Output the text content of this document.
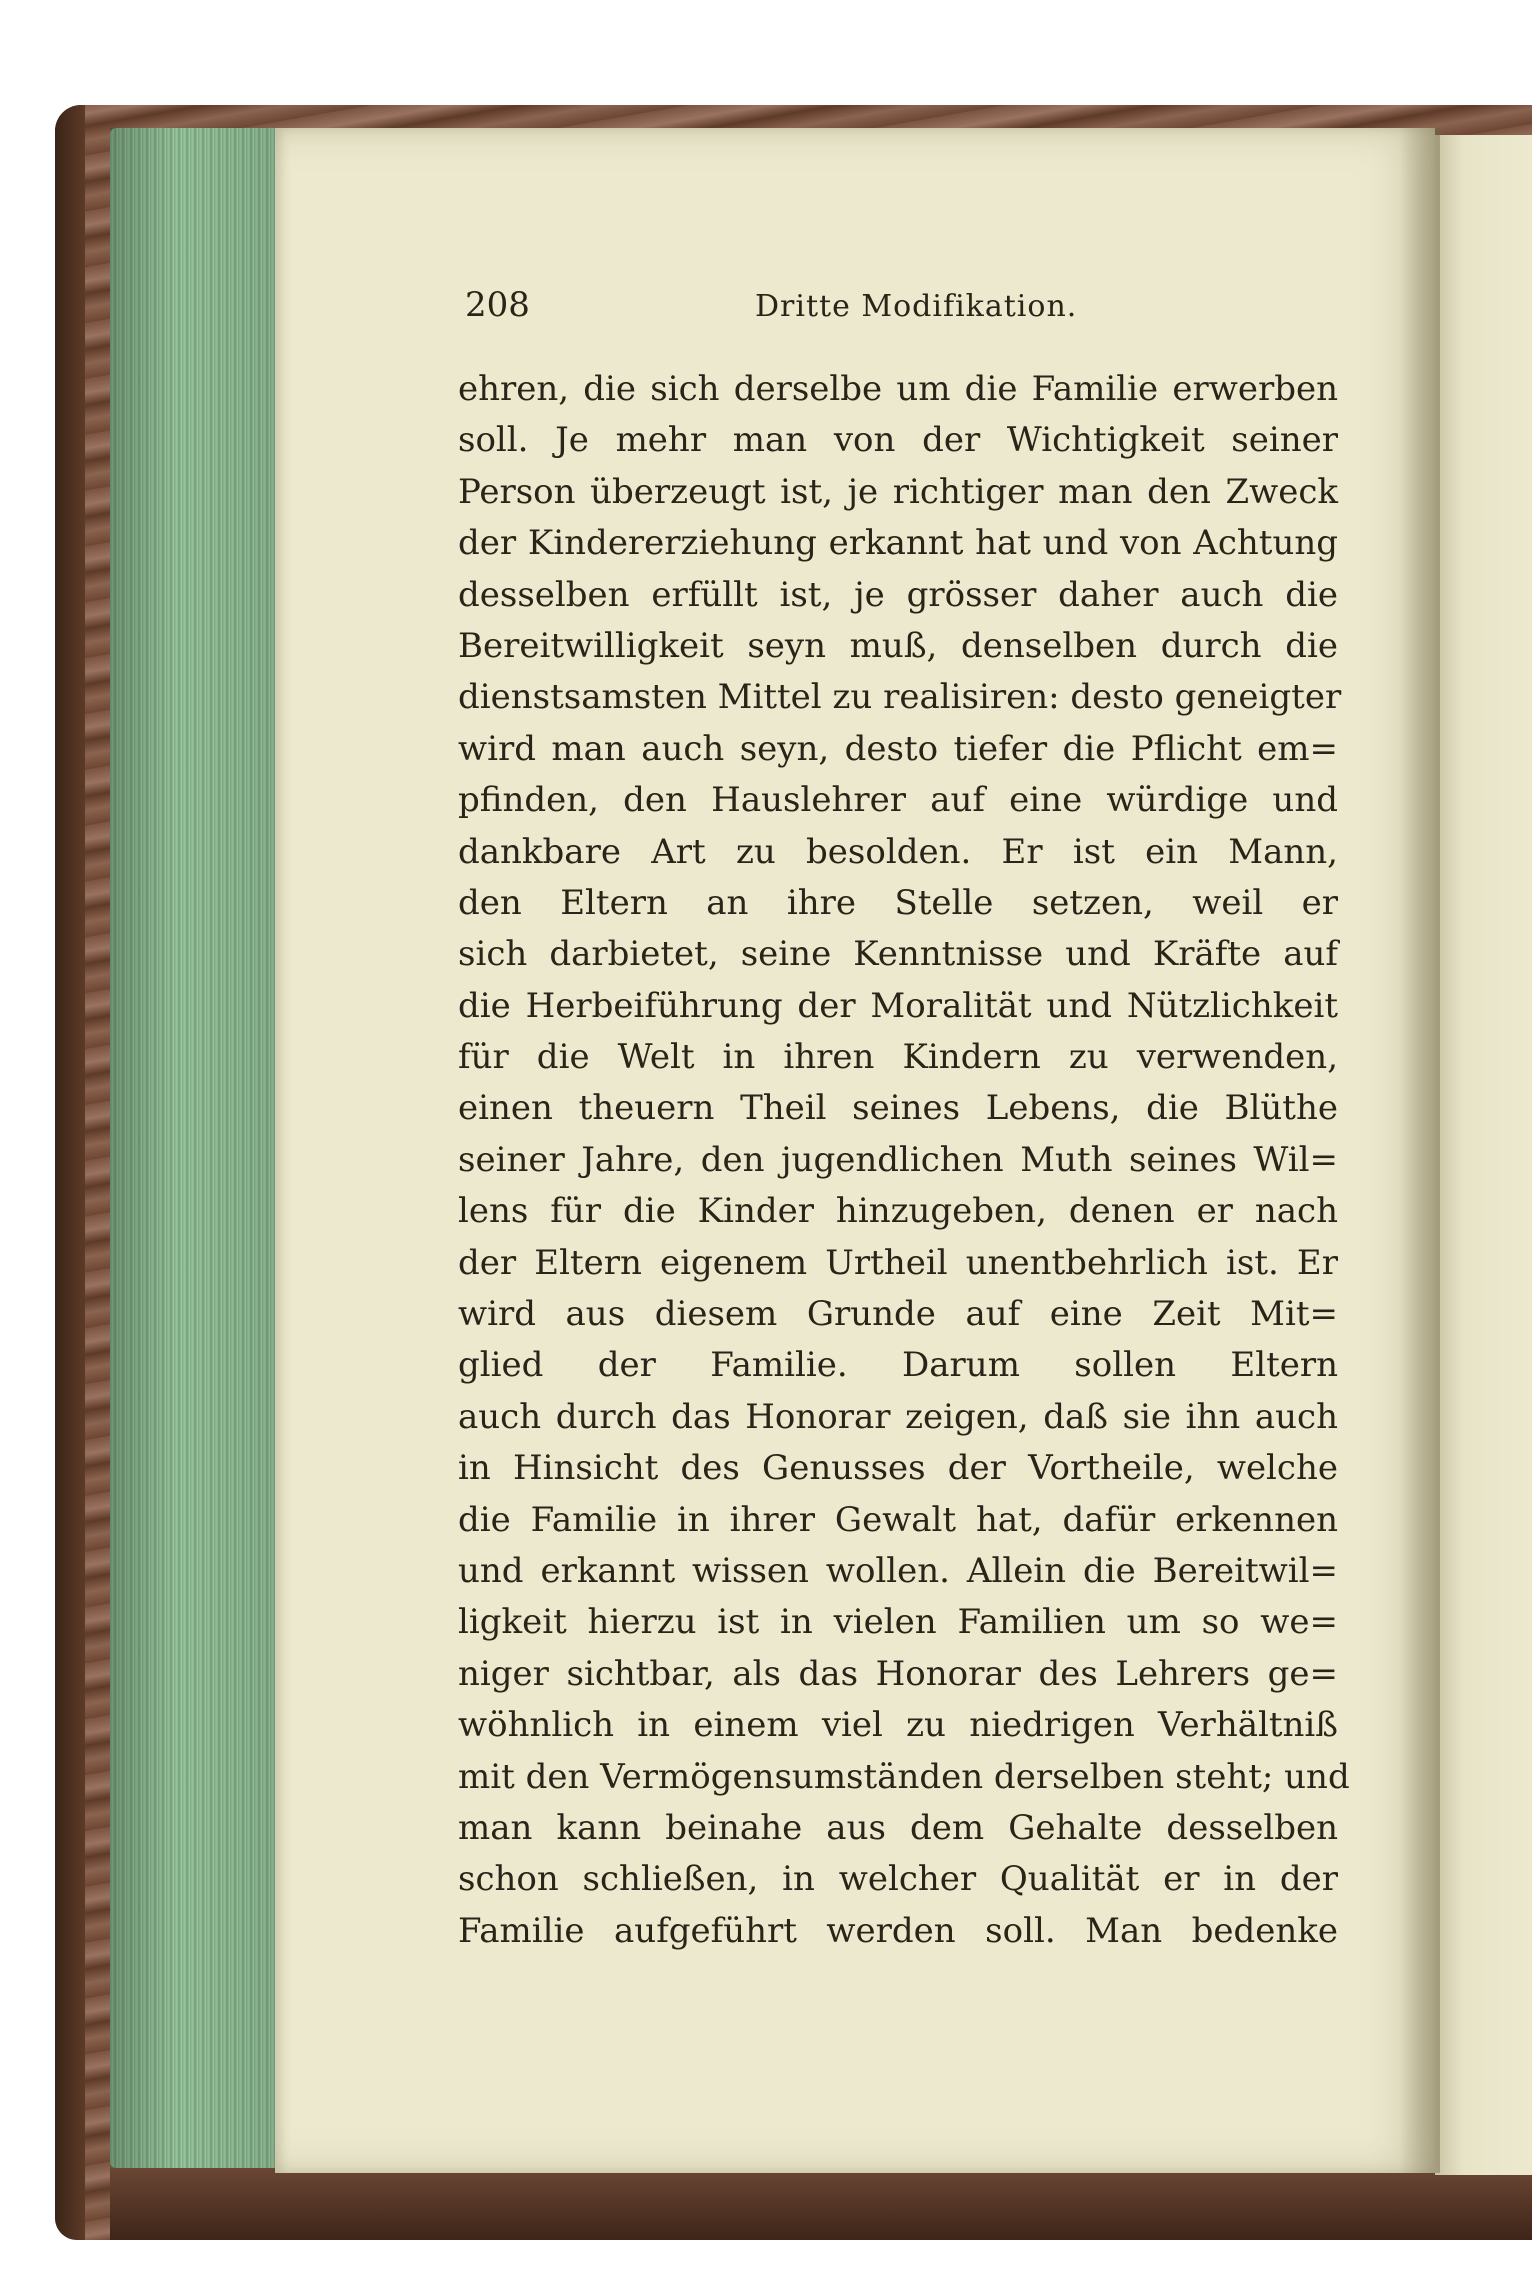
208	Dritte Modifikation.
ehren, die sich derselbe um die Familie erwerben
soll. Je mehr man von der Wichtigkeit seiner
Person überzeugt ist, je richtiger man den Zweck
der Kindererziehung erkannt hat und von Achtung
desselben erfüllt ist, je grösser daher auch die
Bereitwilligkeit seyn muß, denselben durch die
dienstsamsten Mittel zu realisiren: desto geneigter
wird man auch seyn, desto tiefer die Pflicht em=
pfinden, den Hauslehrer auf eine würdige und
dankbare Art zu besolden. Er ist ein Mann,
den Eltern an ihre Stelle setzen, weil er
sich darbietet, seine Kenntnisse und Kräfte auf
die Herbeiführung der Moralität und Nützlichkeit
für die Welt in ihren Kindern zu verwenden,
einen theuern Theil seines Lebens, die Blüthe
seiner Jahre, den jugendlichen Muth seines Wil=
lens für die Kinder hinzugeben, denen er nach
der Eltern eigenem Urtheil unentbehrlich ist. Er
wird aus diesem Grunde auf eine Zeit Mit=
glied der Familie. Darum sollen Eltern
auch durch das Honorar zeigen, daß sie ihn auch
in Hinsicht des Genusses der Vortheile, welche
die Familie in ihrer Gewalt hat, dafür erkennen
und erkannt wissen wollen. Allein die Bereitwil=
ligkeit hierzu ist in vielen Familien um so we=
niger sichtbar, als das Honorar des Lehrers ge=
wöhnlich in einem viel zu niedrigen Verhältniß
mit den Vermögensumständen derselben steht; und
man kann beinahe aus dem Gehalte desselben
schon schließen, in welcher Qualität er in der
Familie aufgeführt werden soll. Man bedenke
